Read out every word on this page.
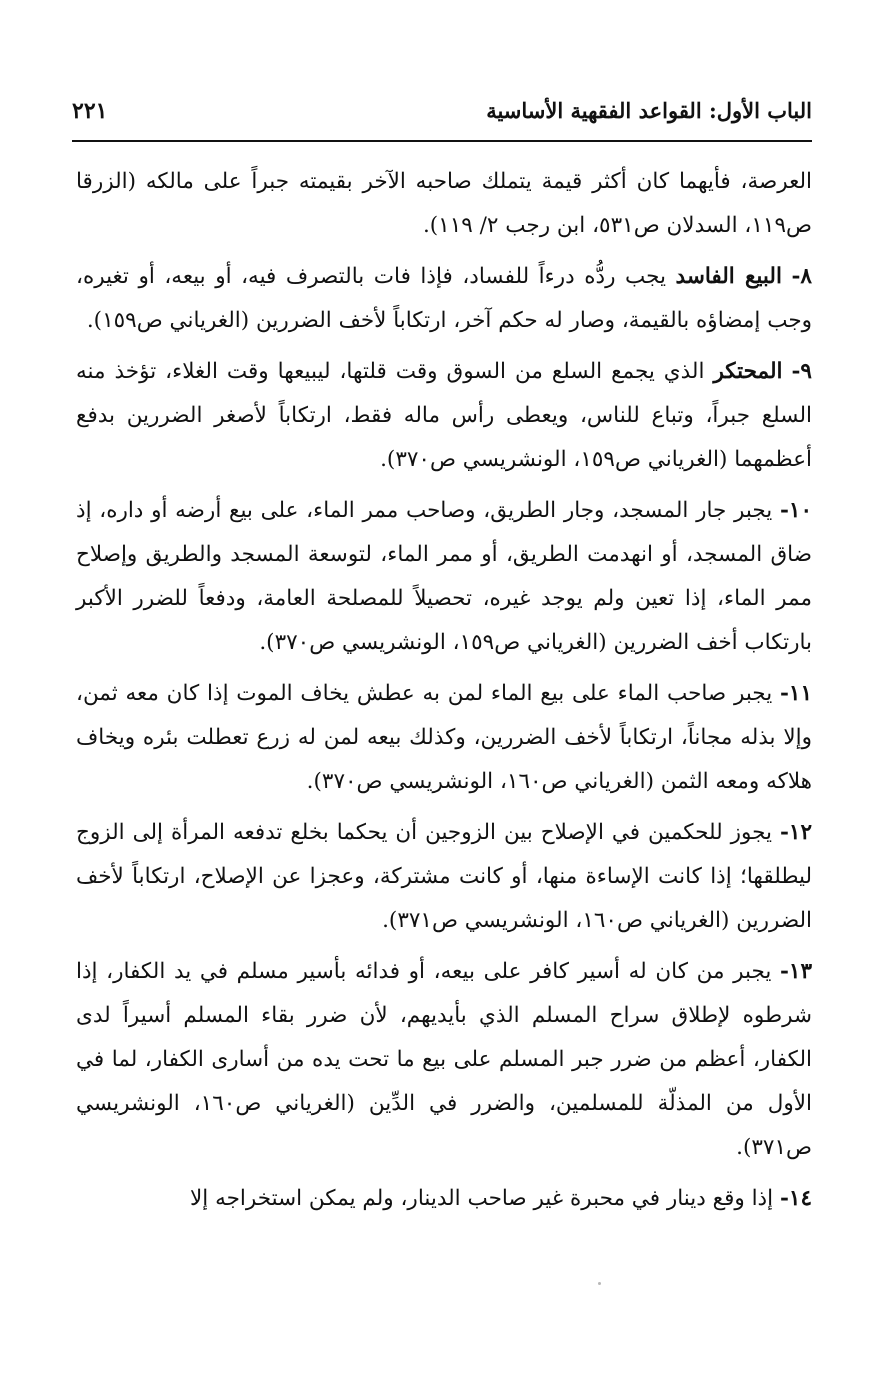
الباب الأول: القواعد الفقهية الأساسية
٢٢١

العرصة، فأيهما كان أكثر قيمة يتملك صاحبه الآخر بقيمته جبراً على مالكه (الزرقا ص١١٩، السدلان ص٥٣١، ابن رجب ٢/ ١١٩).

٨- البيع الفاسد يجب ردُّه درءاً للفساد، فإذا فات بالتصرف فيه، أو بيعه، أو تغيره، وجب إمضاؤه بالقيمة، وصار له حكم آخر، ارتكاباً لأخف الضررين (الغرياني ص١٥٩).

٩- المحتكر الذي يجمع السلع من السوق وقت قلتها، ليبيعها وقت الغلاء، تؤخذ منه السلع جبراً، وتباع للناس، ويعطى رأس ماله فقط، ارتكاباً لأصغر الضررين بدفع أعظمهما (الغرياني ص١٥٩، الونشريسي ص٣٧٠).

١٠- يجبر جار المسجد، وجار الطريق، وصاحب ممر الماء، على بيع أرضه أو داره، إذ ضاق المسجد، أو انهدمت الطريق، أو ممر الماء، لتوسعة المسجد والطريق وإصلاح ممر الماء، إذا تعين ولم يوجد غيره، تحصيلاً للمصلحة العامة، ودفعاً للضرر الأكبر بارتكاب أخف الضررين (الغرياني ص١٥٩، الونشريسي ص٣٧٠).

١١- يجبر صاحب الماء على بيع الماء لمن به عطش يخاف الموت إذا كان معه ثمن، وإلا بذله مجاناً، ارتكاباً لأخف الضررين، وكذلك بيعه لمن له زرع تعطلت بئره ويخاف هلاكه ومعه الثمن (الغرياني ص١٦٠، الونشريسي ص٣٧٠).

١٢- يجوز للحكمين في الإصلاح بين الزوجين أن يحكما بخلع تدفعه المرأة إلى الزوج ليطلقها؛ إذا كانت الإساءة منها، أو كانت مشتركة، وعجزا عن الإصلاح، ارتكاباً لأخف الضررين (الغرياني ص١٦٠، الونشريسي ص٣٧١).

١٣- يجبر من كان له أسير كافر على بيعه، أو فدائه بأسير مسلم في يد الكفار، إذا شرطوه لإطلاق سراح المسلم الذي بأيديهم، لأن ضرر بقاء المسلم أسيراً لدى الكفار، أعظم من ضرر جبر المسلم على بيع ما تحت يده من أسارى الكفار، لما في الأول من المذلّة للمسلمين، والضرر في الدِّين (الغرياني ص١٦٠، الونشريسي ص٣٧١).

١٤- إذا وقع دينار في محبرة غير صاحب الدينار، ولم يمكن استخراجه إلا
